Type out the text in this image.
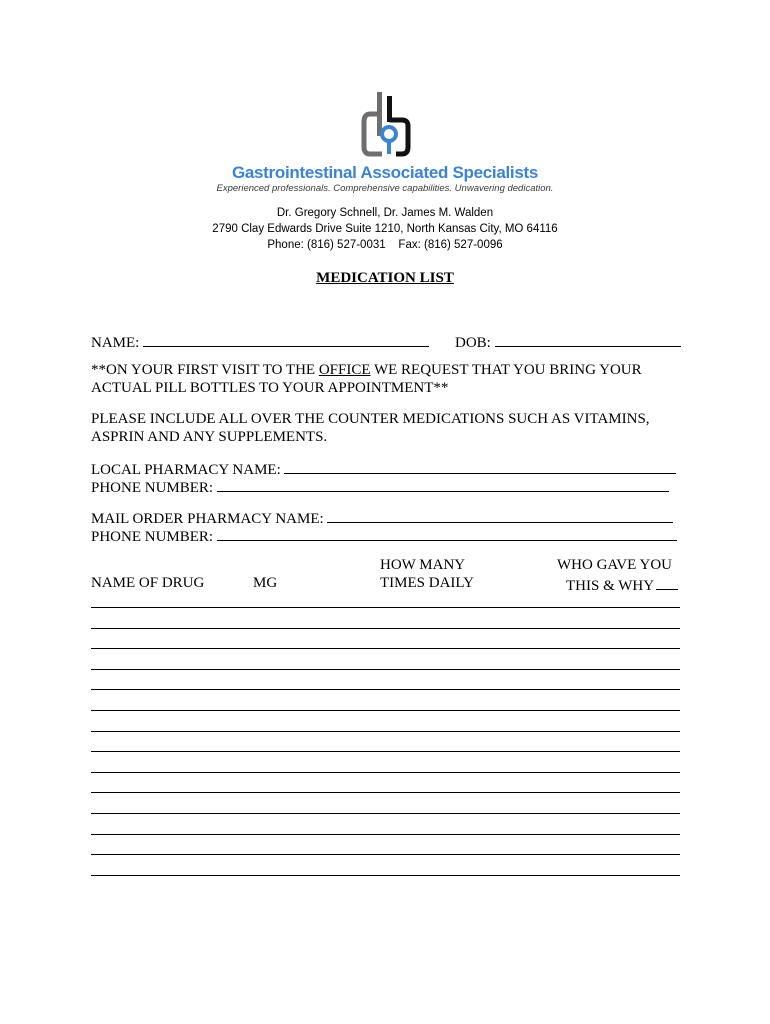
Gastrointestinal Associated Specialists
Experienced professionals. Comprehensive capabilities. Unwavering dedication.
Dr. Gregory Schnell, Dr. James M. Walden
2790 Clay Edwards Drive Suite 1210, North Kansas City, MO 64116
Phone: (816) 527-0031    Fax: (816) 527-0096
MEDICATION LIST
NAME:	DOB:
**ON YOUR FIRST VISIT TO THE OFFICE WE REQUEST THAT YOU BRING YOUR
ACTUAL PILL BOTTLES TO YOUR APPOINTMENT**
PLEASE INCLUDE ALL OVER THE COUNTER MEDICATIONS SUCH AS VITAMINS,
ASPRIN AND ANY SUPPLEMENTS.
LOCAL PHARMACY NAME:
PHONE NUMBER:
MAIL ORDER PHARMACY NAME:
PHONE NUMBER:
NAME OF DRUG	MG
HOW MANY
TIMES DAILY
WHO GAVE YOU
THIS & WHY
